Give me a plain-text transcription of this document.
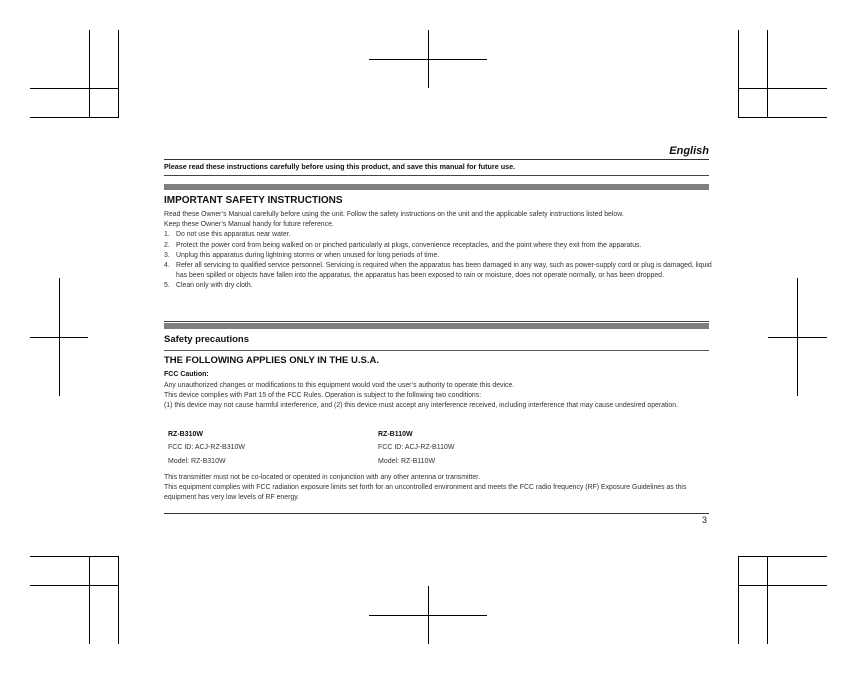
English
Please read these instructions carefully before using this product, and save this manual for future use.
IMPORTANT SAFETY INSTRUCTIONS

Read these Owner’s Manual carefully before using the unit. Follow the safety instructions on the unit and the applicable safety instructions listed below.

Keep these Owner’s Manual handy for future reference.

1. Do not use this apparatus near water.
2. Protect the power cord from being walked on or pinched particularly at plugs, convenience receptacles, and the point where they exit from the apparatus.
3. Unplug this apparatus during lightning storms or when unused for long periods of time.
4. Refer all servicing to qualified service personnel. Servicing is required when the apparatus has been damaged in any way, such as power-supply cord or plug is damaged, liquid has been spilled or objects have fallen into the apparatus, the apparatus has been exposed to rain or moisture, does not operate normally, or has been dropped.
5. Clean only with dry cloth.
Safety precautions
THE FOLLOWING APPLIES ONLY IN THE U.S.A.
FCC Caution:

Any unauthorized changes or modifications to this equipment would void the user’s authority to operate this device.

This device complies with Part 15 of the FCC Rules. Operation is subject to the following two conditions:

(1) this device may not cause harmful interference, and (2) this device must accept any interference received, including interference that may cause undesired operation.

RZ-B310W
FCC ID: ACJ-RZ-B310W
Model: RZ-B310W
RZ-B110W
FCC ID: ACJ-RZ-B110W
Model: RZ-B110W

This transmitter must not be co-located or operated in conjunction with any other antenna or transmitter.

This equipment complies with FCC radiation exposure limits set forth for an uncontrolled environment and meets the FCC radio frequency (RF) Exposure Guidelines as this equipment has very low levels of RF energy.

3
